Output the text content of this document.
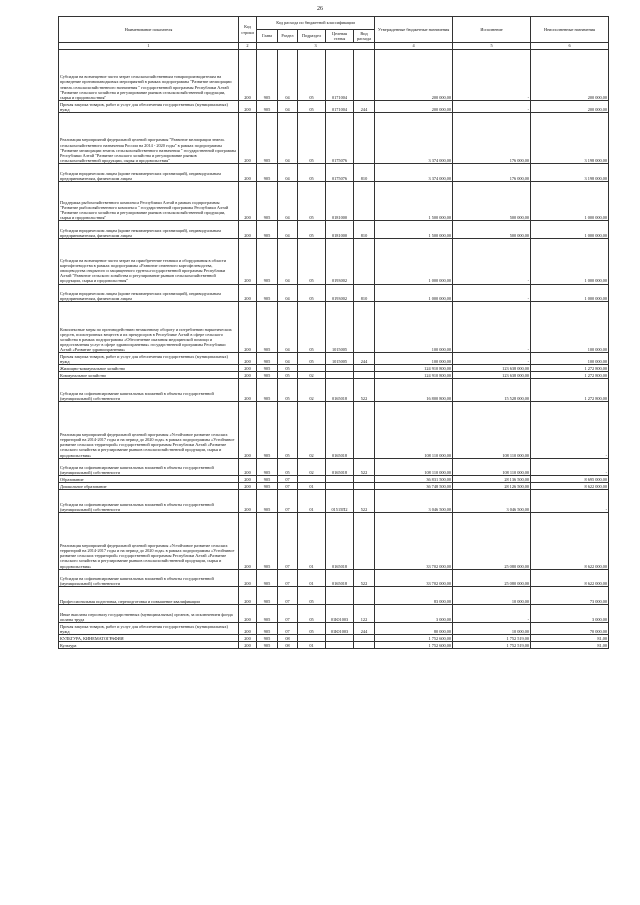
26
Наименование показателя	Код строки	Код расхода по бюджетной классификации					Утвержденные бюджетные назначения	Исполнение	Неисполненные назначения
		Глава	Раздел	Подраздел	Целевая статья	Вид расхода			
1	2	3					4	5	6
Субсидии на возмещение части затрат сельскохозяйственным товаропроизводителям на проведение противопаводковых мероприятий в рамках подпрограммы "Развитие мелиорации земель сельскохозяйственного назначения " государственной программы Республики Алтай "Развитие сельского хозяйства и регулирование рынков сельскохозяйственной продукции, сырья и продовольствия"	200	905	04	05	0171004		200 000,00	-	200 000,00
Прочая закупка товаров, работ и услуг для обеспечения государственных (муниципальных) нужд	200	905	04	05	0171004	244	200 000,00	-	200 000,00
Реализация мероприятий федеральной целевой программы "Развитие мелиорации земель сельскохозяйственного назначения России на 2014 - 2020 годы" в рамках подпрограммы "Развитие мелиорации земель сельскохозяйственного назначения " государственной программы Республики Алтай "Развитие сельского хозяйства и регулирование рынков сельскохозяйственной продукции, сырья и продовольствия"	200	905	04	05	0175076		3 374 000,00	176 000,00	3 198 000,00
Субсидии юридическим лицам (кроме некоммерческих организаций), индивидуальным предпринимателям, физическим лицам	200	905	04	05	0175076	810	3 374 000,00	176 000,00	3 198 000,00
Поддержка рыбохозяйственного комплекса Республики Алтай в рамках подпрограммы "Развитие рыбохозяйственного комплекса " государственной программы Республики Алтай "Развитие сельского хозяйства и регулирование рынков сельскохозяйственной продукции, сырья и продовольствия"	200	905	04	05	0181000		1 500 000,00	500 000,00	1 000 000,00
Субсидии юридическим лицам (кроме некоммерческих организаций), индивидуальным предпринимателям, физическим лицам	200	905	04	05	0181000	810	1 500 000,00	500 000,00	1 000 000,00
Субсидии на возмещение части затрат на приобретение техники и оборудования в области картофелеводства в рамках подпрограммы «Развитие семенного картофелеводства, овощеводства открытого и защищенного грунта»государственной программы Республики Алтай "Развитие сельского хозяйства и регулирование рынков сельскохозяйственной продукции, сырья и продовольствия"	200	905	04	05	0193002		1 000 000,00	-	1 000 000,00
Субсидии юридическим лицам (кроме некоммерческих организаций), индивидуальным предпринимателям, физическим лицам	200	905	04	05	0193002	810	1 000 000,00	-	1 000 000,00
Комплексные меры по противодействию незаконному обороту и потреблению наркотических средств, психотропных веществ и их прекурсоров в Республике Алтай в сфере сельского хозяйства в рамках подпрограммы «Обеспечение оказания медицинской помощи и предоставления услуг в сфере здравоохранения» государственной программы Республики Алтай «Развитие здравоохранения»	200	905	04	05	1015005		100 000,00	-	100 000,00
Прочая закупка товаров, работ и услуг для обеспечения государственных (муниципальных) нужд	200	905	04	05	1015005	244	100 000,00	-	100 000,00
Жилищно-коммунальное хозяйство	200	905	05				124 910 800,00	123 638 000,00	1 272 800,00
Коммунальное хозяйство	200	905	05	02			124 910 800,00	123 638 000,00	1 272 800,00
Субсидии на софинансирование капитальных вложений в объекты государственной (муниципальной) собственности	200	905	05	02	0165018	522	16 800 800,00	15 528 000,00	1 272 800,00
Реализация мероприятий федеральной целевой программы «Устойчивое развитие сельских территорий на 2014-2017 годы и на период до 2020 года» в рамках подпрограммы «Устойчивое развитие сельских территорий» государственной программы Республики Алтай «Развитие сельского хозяйства и регулирование рынков сельскохозяйственной продукции, сырья и продовольствия»	200	905	05	02	0165018		108 110 000,00	108 110 000,00	-
Субсидии на софинансирование капитальных вложений в объекты государственной (муниципальной) собственности	200	905	05	02	0165018	522	108 110 000,00	108 110 000,00	-
Образование	200	905	07				36 831 500,00	28 136 500,00	8 695 000,00
Дошкольное образование	200	905	07	01			36 748 500,00	28 126 500,00	8 622 000,00
Субсидии на софинансирование капитальных вложений в объекты государственной (муниципальной) собственности	200	905	07	01	01515П2	522	3 046 500,00	3 046 500,00	-
Реализация мероприятий федеральной целевой программы «Устойчивое развитие сельских территорий на 2014-2017 годы и на период до 2020 года» в рамках подпрограммы «Устойчивое развитие сельских территорий» государственной программы Республики Алтай «Развитие сельского хозяйства и регулирование рынков сельскохозяйственной продукции, сырья и продовольствия»	200	905	07	01	0165018		33 702 000,00	25 080 000,00	8 622 000,00
Субсидии на софинансирование капитальных вложений в объекты государственной (муниципальной) собственности	200	905	07	01	0165018	522	33 702 000,00	25 080 000,00	8 622 000,00
Профессиональная подготовка, переподготовка и повышение квалификации	200	905	07	05			83 000,00	10 000,00	73 000,00
Иные выплаты персоналу государственных (муниципальных) органов, за исключением фонда оплаты труда	200	905	07	05	01Ю1003	122	3 000,00	-	3 000,00
Прочая закупка товаров, работ и услуг для обеспечения государственных (муниципальных) нужд	200	905	07	05	01Ю1003	244	80 000,00	10 000,00	70 000,00
КУЛЬТУРА, КИНЕМАТОГРАФИЯ	200	905	08				1 752 600,00	1 752 519,00	81,00
Культура	200	905	08	01			1 752 600,00	1 752 519,00	81,00
